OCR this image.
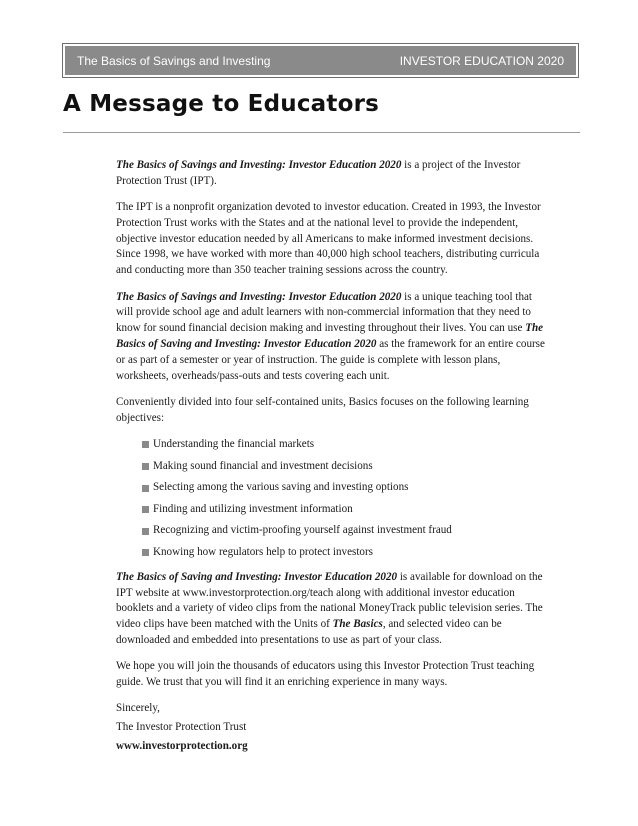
The Basics of Savings and Investing	INVESTOR EDUCATION 2020
A Message to Educators

The Basics of Savings and Investing: Investor Education 2020 is a project of the Investor Protection Trust (IPT).

The IPT is a nonprofit organization devoted to investor education. Created in 1993, the Investor Protection Trust works with the States and at the national level to provide the independent, objective investor education needed by all Americans to make informed investment decisions. Since 1998, we have worked with more than 40,000 high school teachers, distributing curricula and conducting more than 350 teacher training sessions across the country.

The Basics of Savings and Investing: Investor Education 2020 is a unique teaching tool that will provide school age and adult learners with non-commercial information that they need to know for sound financial decision making and investing throughout their lives. You can use The Basics of Saving and Investing: Investor Education 2020 as the framework for an entire course or as part of a semester or year of instruction. The guide is complete with lesson plans, worksheets, overheads/pass-outs and tests covering each unit.

Conveniently divided into four self-contained units, Basics focuses on the following learning objectives:

Understanding the financial markets
Making sound financial and investment decisions
Selecting among the various saving and investing options
Finding and utilizing investment information
Recognizing and victim-proofing yourself against investment fraud
Knowing how regulators help to protect investors

The Basics of Saving and Investing: Investor Education 2020 is available for download on the IPT website at www.investorprotection.org/teach along with additional investor education booklets and a variety of video clips from the national MoneyTrack public television series. The video clips have been matched with the Units of The Basics, and selected video can be downloaded and embedded into presentations to use as part of your class.

We hope you will join the thousands of educators using this Investor Protection Trust teaching guide. We trust that you will find it an enriching experience in many ways.

Sincerely,

The Investor Protection Trust

www.investorprotection.org
